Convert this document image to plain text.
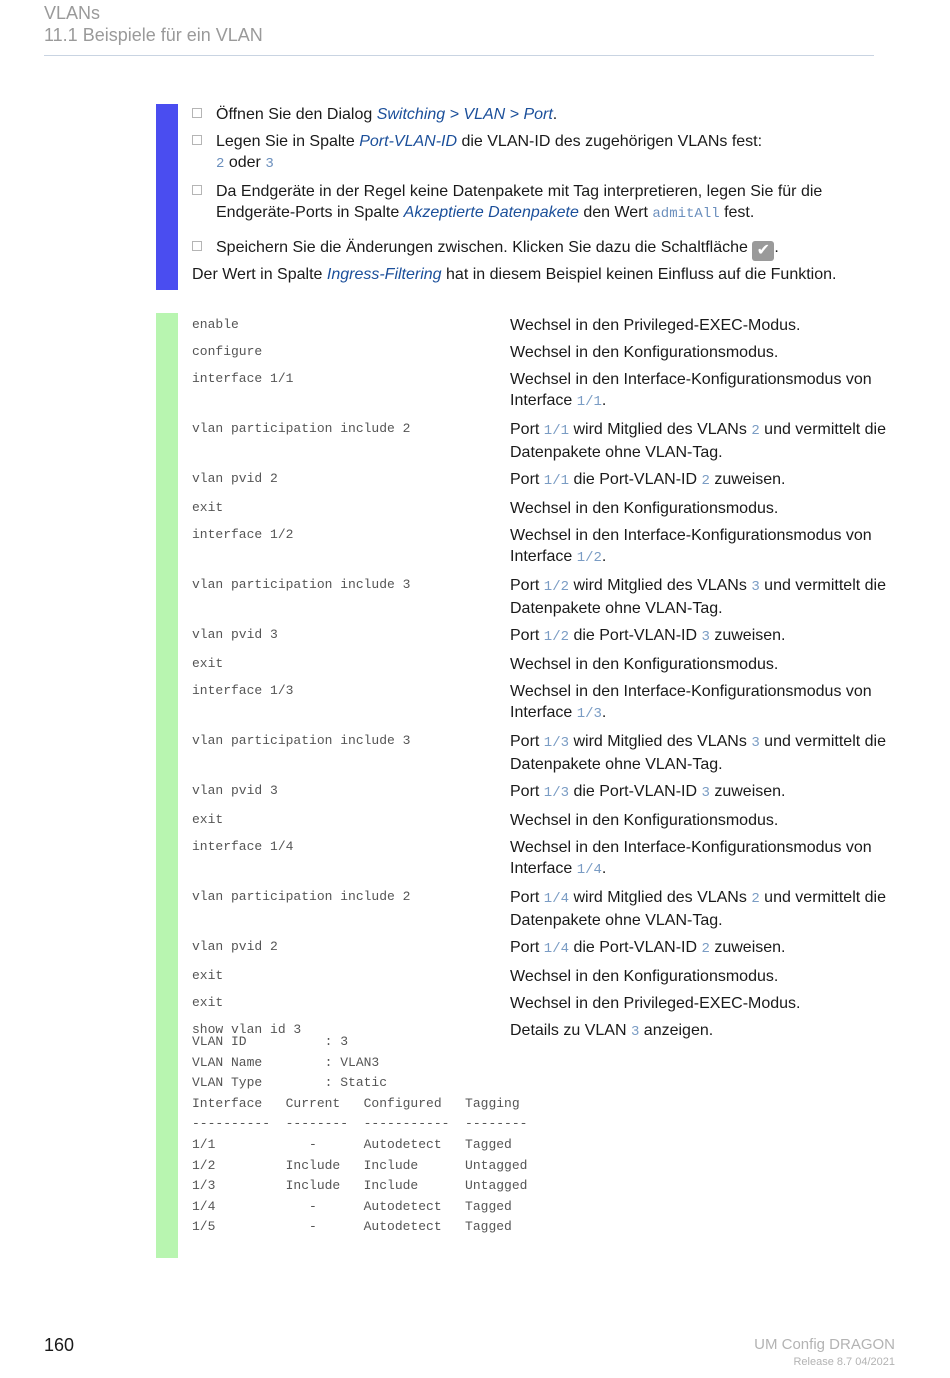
VLANs
11.1 Beispiele für ein VLAN
Öffnen Sie den Dialog Switching > VLAN > Port.
Legen Sie in Spalte Port-VLAN-ID die VLAN-ID des zugehörigen VLANs fest:
2 oder 3
Da Endgeräte in der Regel keine Datenpakete mit Tag interpretieren, legen Sie für die Endgeräte-Ports in Spalte Akzeptierte Datenpakete den Wert admitAll fest.
Speichern Sie die Änderungen zwischen. Klicken Sie dazu die Schaltfläche ✔ .
Der Wert in Spalte Ingress-Filtering hat in diesem Beispiel keinen Einfluss auf die Funktion.
enable	Wechsel in den Privileged-EXEC-Modus.
configure	Wechsel in den Konfigurationsmodus.
interface 1/1	Wechsel in den Interface-Konfigurationsmodus von Interface 1/1.
vlan participation include 2	Port 1/1 wird Mitglied des VLANs 2 und vermittelt die Datenpakete ohne VLAN-Tag.
vlan pvid 2	Port 1/1 die Port-VLAN-ID 2 zuweisen.
exit	Wechsel in den Konfigurationsmodus.
interface 1/2	Wechsel in den Interface-Konfigurationsmodus von Interface 1/2.
vlan participation include 3	Port 1/2 wird Mitglied des VLANs 3 und vermittelt die Datenpakete ohne VLAN-Tag.
vlan pvid 3	Port 1/2 die Port-VLAN-ID 3 zuweisen.
exit	Wechsel in den Konfigurationsmodus.
interface 1/3	Wechsel in den Interface-Konfigurationsmodus von Interface 1/3.
vlan participation include 3	Port 1/3 wird Mitglied des VLANs 3 und vermittelt die Datenpakete ohne VLAN-Tag.
vlan pvid 3	Port 1/3 die Port-VLAN-ID 3 zuweisen.
exit	Wechsel in den Konfigurationsmodus.
interface 1/4	Wechsel in den Interface-Konfigurationsmodus von Interface 1/4.
vlan participation include 2	Port 1/4 wird Mitglied des VLANs 2 und vermittelt die Datenpakete ohne VLAN-Tag.
vlan pvid 2	Port 1/4 die Port-VLAN-ID 2 zuweisen.
exit	Wechsel in den Konfigurationsmodus.
exit	Wechsel in den Privileged-EXEC-Modus.
show vlan id 3	Details zu VLAN 3 anzeigen.
VLAN ID          : 3
VLAN Name        : VLAN3
VLAN Type        : Static
Interface   Current   Configured   Tagging
----------  --------  -----------  --------
1/1            -      Autodetect   Tagged
1/2         Include   Include      Untagged
1/3         Include   Include      Untagged
1/4            -      Autodetect   Tagged
1/5            -      Autodetect   Tagged
160	UM Config DRAGON
Release 8.7 04/2021
